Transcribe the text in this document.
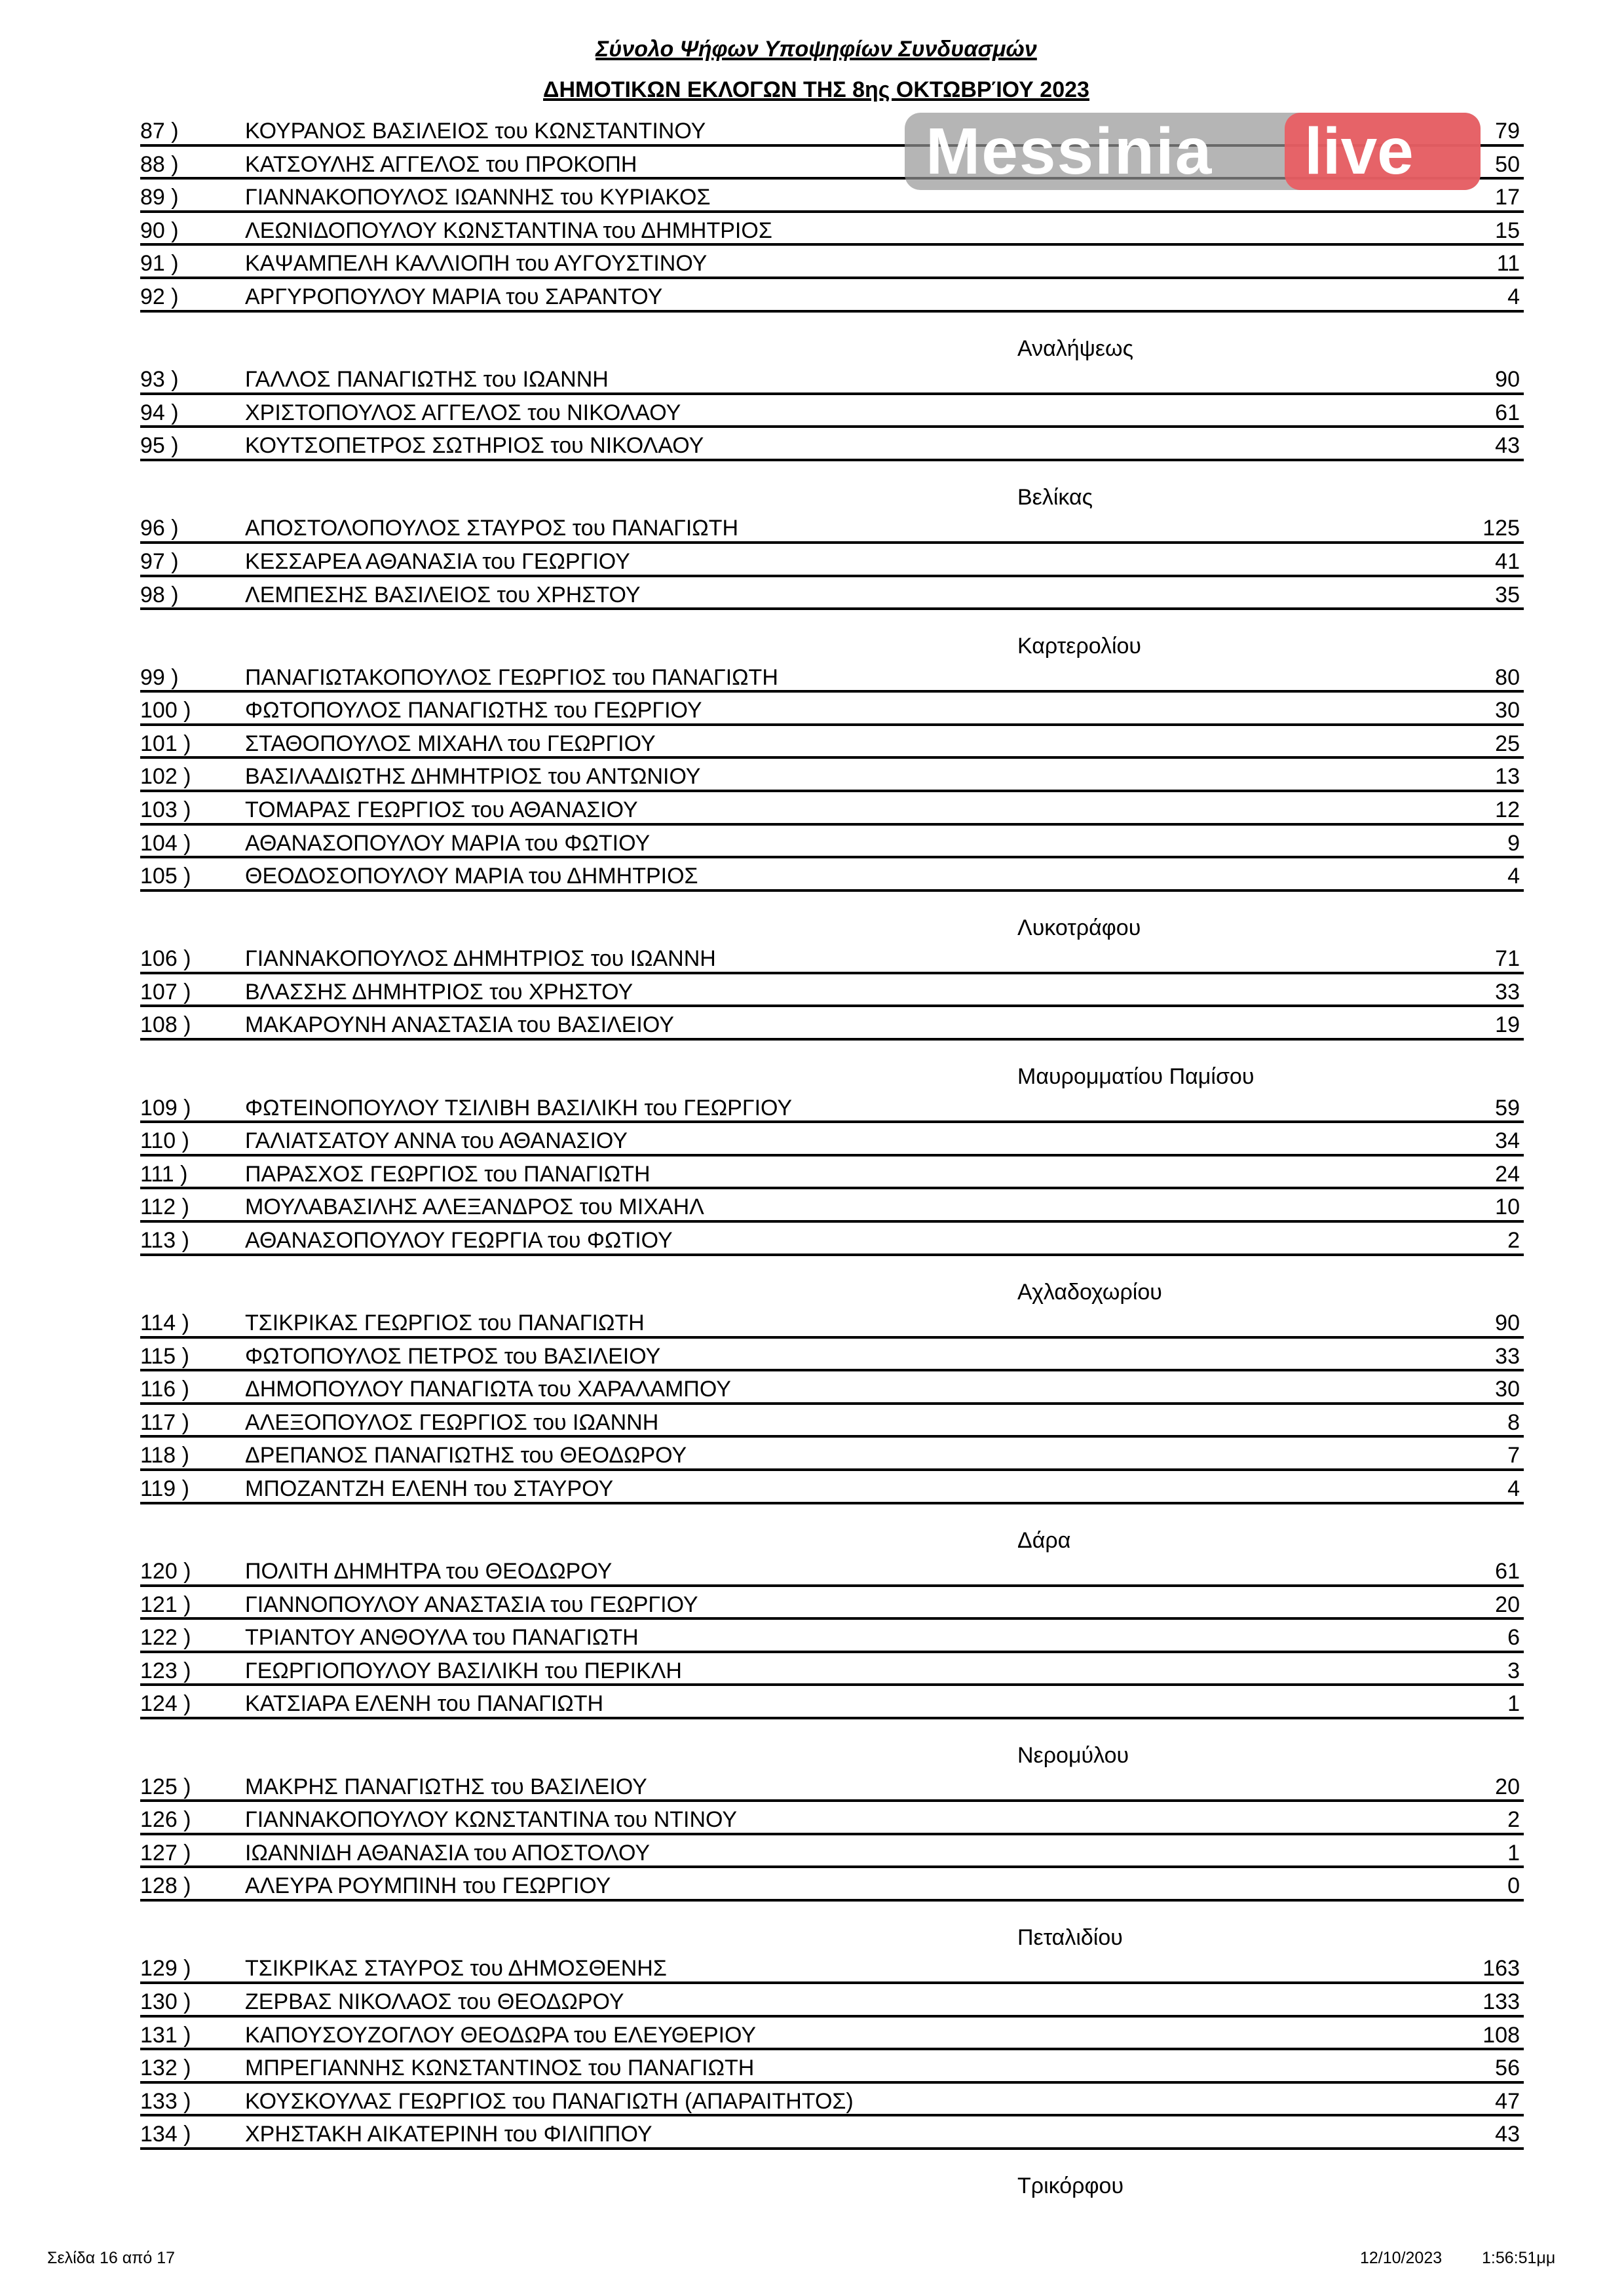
Σύνολο Ψήφων Υποψηφίων Συνδυασμών
ΔΗΜΟΤΙΚΩΝ ΕΚΛΟΓΩΝ ΤΗΣ 8ης ΟΚΤΩΒΡΊΟΥ 2023
87 )	ΚΟΥΡΑΝΟΣ ΒΑΣΙΛΕΙΟΣ του ΚΩΝΣΤΑΝΤΙΝΟΥ	79
88 )	ΚΑΤΣΟΥΛΗΣ ΑΓΓΕΛΟΣ του ΠΡΟΚΟΠΗ	50
89 )	ΓΙΑΝΝΑΚΟΠΟΥΛΟΣ ΙΩΑΝΝΗΣ του ΚΥΡΙΑΚΟΣ	17
90 )	ΛΕΩΝΙΔΟΠΟΥΛΟΥ ΚΩΝΣΤΑΝΤΙΝΑ του ΔΗΜΗΤΡΙΟΣ	15
91 )	ΚΑΨΑΜΠΕΛΗ ΚΑΛΛΙΟΠΗ του ΑΥΓΟΥΣΤΙΝΟΥ	11
92 )	ΑΡΓΥΡΟΠΟΥΛΟΥ ΜΑΡΙΑ του ΣΑΡΑΝΤΟΥ	4
Αναλήψεως
93 )	ΓΑΛΛΟΣ ΠΑΝΑΓΙΩΤΗΣ του ΙΩΑΝΝΗ	90
94 )	ΧΡΙΣΤΟΠΟΥΛΟΣ ΑΓΓΕΛΟΣ του ΝΙΚΟΛΑΟΥ	61
95 )	ΚΟΥΤΣΟΠΕΤΡΟΣ ΣΩΤΗΡΙΟΣ του ΝΙΚΟΛΑΟΥ	43
Βελίκας
96 )	ΑΠΟΣΤΟΛΟΠΟΥΛΟΣ ΣΤΑΥΡΟΣ του ΠΑΝΑΓΙΩΤΗ	125
97 )	ΚΕΣΣΑΡΕΑ ΑΘΑΝΑΣΙΑ του ΓΕΩΡΓΙΟΥ	41
98 )	ΛΕΜΠΕΣΗΣ ΒΑΣΙΛΕΙΟΣ του ΧΡΗΣΤΟΥ	35
Καρτερολίου
99 )	ΠΑΝΑΓΙΩΤΑΚΟΠΟΥΛΟΣ ΓΕΩΡΓΙΟΣ του ΠΑΝΑΓΙΩΤΗ	80
100 ) ΦΩΤΟΠΟΥΛΟΣ ΠΑΝΑΓΙΩΤΗΣ του ΓΕΩΡΓΙΟΥ	30
101 ) ΣΤΑΘΟΠΟΥΛΟΣ ΜΙΧΑΗΛ του ΓΕΩΡΓΙΟΥ	25
102 ) ΒΑΣΙΛΑΔΙΩΤΗΣ ΔΗΜΗΤΡΙΟΣ του ΑΝΤΩΝΙΟΥ	13
103 ) ΤΟΜΑΡΑΣ ΓΕΩΡΓΙΟΣ του ΑΘΑΝΑΣΙΟΥ	12
104 ) ΑΘΑΝΑΣΟΠΟΥΛΟΥ ΜΑΡΙΑ του ΦΩΤΙΟΥ	9
105 ) ΘΕΟΔΟΣΟΠΟΥΛΟΥ ΜΑΡΙΑ του ΔΗΜΗΤΡΙΟΣ	4
Λυκοτράφου
106 ) ΓΙΑΝΝΑΚΟΠΟΥΛΟΣ ΔΗΜΗΤΡΙΟΣ του ΙΩΑΝΝΗ	71
107 ) ΒΛΑΣΣΗΣ ΔΗΜΗΤΡΙΟΣ του ΧΡΗΣΤΟΥ	33
108 ) ΜΑΚΑΡΟΥΝΗ ΑΝΑΣΤΑΣΙΑ του ΒΑΣΙΛΕΙΟΥ	19
Μαυρομματίου Παμίσου
109 ) ΦΩΤΕΙΝΟΠΟΥΛΟΥ ΤΣΙΛΙΒΗ ΒΑΣΙΛΙΚΗ του ΓΕΩΡΓΙΟΥ	59
110 )	ΓΑΛΙΑΤΣΑΤΟΥ ΑΝΝΑ του ΑΘΑΝΑΣΙΟΥ	34
111 )	ΠΑΡΑΣΧΟΣ ΓΕΩΡΓΙΟΣ του ΠΑΝΑΓΙΩΤΗ	24
112 )	ΜΟΥΛΑΒΑΣΙΛΗΣ ΑΛΕΞΑΝΔΡΟΣ του ΜΙΧΑΗΛ	10
113 )	ΑΘΑΝΑΣΟΠΟΥΛΟΥ ΓΕΩΡΓΙΑ του ΦΩΤΙΟΥ	2
Αχλαδοχωρίου
114 )	ΤΣΙΚΡΙΚΑΣ ΓΕΩΡΓΙΟΣ του ΠΑΝΑΓΙΩΤΗ	90
115 )	ΦΩΤΟΠΟΥΛΟΣ ΠΕΤΡΟΣ του ΒΑΣΙΛΕΙΟΥ	33
116 )	ΔΗΜΟΠΟΥΛΟΥ ΠΑΝΑΓΙΩΤΑ του ΧΑΡΑΛΑΜΠΟΥ	30
117 )	ΑΛΕΞΟΠΟΥΛΟΣ ΓΕΩΡΓΙΟΣ του ΙΩΑΝΝΗ	8
118 )	ΔΡΕΠΑΝΟΣ ΠΑΝΑΓΙΩΤΗΣ του ΘΕΟΔΩΡΟΥ	7
119 )	ΜΠΟΖΑΝΤΖΗ ΕΛΕΝΗ του ΣΤΑΥΡΟΥ	4
Δάρα
120 ) ΠΟΛΙΤΗ ΔΗΜΗΤΡΑ του ΘΕΟΔΩΡΟΥ	61
121 ) ΓΙΑΝΝΟΠΟΥΛΟΥ ΑΝΑΣΤΑΣΙΑ του ΓΕΩΡΓΙΟΥ	20
122 ) ΤΡΙΑΝΤΟΥ ΑΝΘΟΥΛΑ του ΠΑΝΑΓΙΩΤΗ	6
123 ) ΓΕΩΡΓΙΟΠΟΥΛΟΥ ΒΑΣΙΛΙΚΗ του ΠΕΡΙΚΛΗ	3
124 ) ΚΑΤΣΙΑΡΑ ΕΛΕΝΗ του ΠΑΝΑΓΙΩΤΗ	1
Νερομύλου
125 ) ΜΑΚΡΗΣ ΠΑΝΑΓΙΩΤΗΣ του ΒΑΣΙΛΕΙΟΥ	20
126 ) ΓΙΑΝΝΑΚΟΠΟΥΛΟΥ ΚΩΝΣΤΑΝΤΙΝΑ του ΝΤΙΝΟΥ	2
127 ) ΙΩΑΝΝΙΔΗ ΑΘΑΝΑΣΙΑ του ΑΠΟΣΤΟΛΟΥ	1
128 ) ΑΛΕΥΡΑ ΡΟΥΜΠΙΝΗ του ΓΕΩΡΓΙΟΥ	0
Πεταλιδίου
129 ) ΤΣΙΚΡΙΚΑΣ ΣΤΑΥΡΟΣ του ΔΗΜΟΣΘΕΝΗΣ	163
130 ) ΖΕΡΒΑΣ ΝΙΚΟΛΑΟΣ του ΘΕΟΔΩΡΟΥ	133
131 ) ΚΑΠΟΥΣΟΥΖΟΓΛΟΥ ΘΕΟΔΩΡΑ του ΕΛΕΥΘΕΡΙΟΥ	108
132 ) ΜΠΡΕΓΙΑΝΝΗΣ ΚΩΝΣΤΑΝΤΙΝΟΣ του ΠΑΝΑΓΙΩΤΗ	56
133 ) ΚΟΥΣΚΟΥΛΑΣ ΓΕΩΡΓΙΟΣ του ΠΑΝΑΓΙΩΤΗ (ΑΠΑΡΑΙΤΗΤΟΣ)	47
134 ) ΧΡΗΣΤΑΚΗ ΑΙΚΑΤΕΡΙΝΗ του ΦΙΛΙΠΠΟΥ	43
Τρικόρφου
Messinia live
Σελίδα 16 από 17	12/10/2023 1:56:51μμ
